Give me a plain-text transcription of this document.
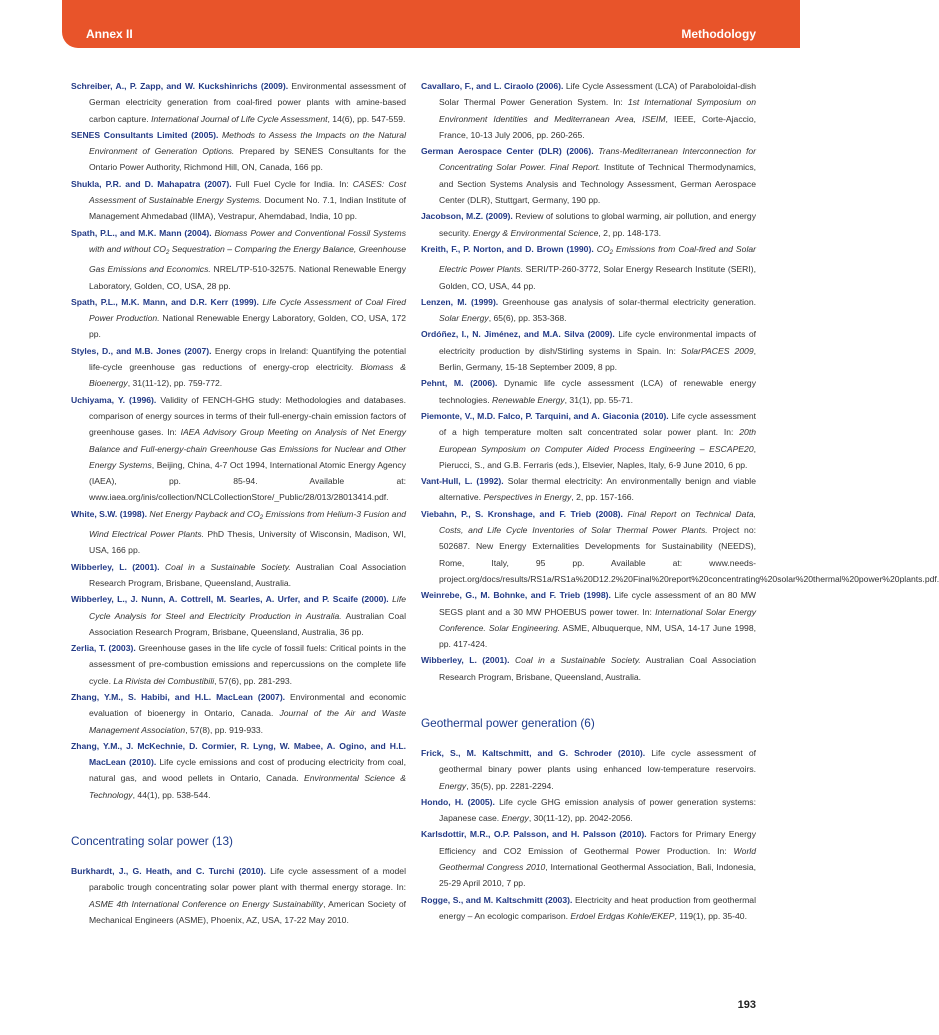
Annex II	Methodology
Schreiber, A., P. Zapp, and W. Kuckshinrichs (2009). Environmental assessment of German electricity generation from coal-fired power plants with amine-based carbon capture. International Journal of Life Cycle Assessment, 14(6), pp. 547-559.
SENES Consultants Limited (2005). Methods to Assess the Impacts on the Natural Environment of Generation Options. Prepared by SENES Consultants for the Ontario Power Authority, Richmond Hill, ON, Canada, 166 pp.
Shukla, P.R. and D. Mahapatra (2007). Full Fuel Cycle for India. In: CASES: Cost Assessment of Sustainable Energy Systems. Document No. 7.1, Indian Institute of Management Ahmedabad (IIMA), Vestrapur, Ahemdabad, India, 10 pp.
Spath, P.L., and M.K. Mann (2004). Biomass Power and Conventional Fossil Systems with and without $CO_2$ Sequestration – Comparing the Energy Balance, Greenhouse Gas Emissions and Economics. NREL/TP-510-32575. National Renewable Energy Laboratory, Golden, CO, USA, 28 pp.
Spath, P.L., M.K. Mann, and D.R. Kerr (1999). Life Cycle Assessment of Coal Fired Power Production. National Renewable Energy Laboratory, Golden, CO, USA, 172 pp.
Styles, D., and M.B. Jones (2007). Energy crops in Ireland: Quantifying the potential life-cycle greenhouse gas reductions of energy-crop electricity. Biomass & Bioenergy, 31(11-12), pp. 759-772.
Uchiyama, Y. (1996). Validity of FENCH-GHG study: Methodologies and databases. comparison of energy sources in terms of their full-energy-chain emission factors of greenhouse gases. In: IAEA Advisory Group Meeting on Analysis of Net Energy Balance and Full-energy-chain Greenhouse Gas Emissions for Nuclear and Other Energy Systems, Beijing, China, 4-7 Oct 1994, International Atomic Energy Agency (IAEA), pp. 85-94. Available at: www.iaea.org/inis/collection/NCLCollectionStore/_Public/28/013/28013414.pdf.
White, S.W. (1998). Net Energy Payback and $CO_2$ Emissions from Helium-3 Fusion and Wind Electrical Power Plants. PhD Thesis, University of Wisconsin, Madison, WI, USA, 166 pp.
Wibberley, L. (2001). Coal in a Sustainable Society. Australian Coal Association Research Program, Brisbane, Queensland, Australia.
Wibberley, L., J. Nunn, A. Cottrell, M. Searles, A. Urfer, and P. Scaife (2000). Life Cycle Analysis for Steel and Electricity Production in Australia. Australian Coal Association Research Program, Brisbane, Queensland, Australia, 36 pp.
Zerlia, T. (2003). Greenhouse gases in the life cycle of fossil fuels: Critical points in the assessment of pre-combustion emissions and repercussions on the complete life cycle. La Rivista dei Combustibili, 57(6), pp. 281-293.
Zhang, Y.M., S. Habibi, and H.L. MacLean (2007). Environmental and economic evaluation of bioenergy in Ontario, Canada. Journal of the Air and Waste Management Association, 57(8), pp. 919-933.
Zhang, Y.M., J. McKechnie, D. Cormier, R. Lyng, W. Mabee, A. Ogino, and H.L. MacLean (2010). Life cycle emissions and cost of producing electricity from coal, natural gas, and wood pellets in Ontario, Canada. Environmental Science & Technology, 44(1), pp. 538-544.
Concentrating solar power (13)
Burkhardt, J., G. Heath, and C. Turchi (2010). Life cycle assessment of a model parabolic trough concentrating solar power plant with thermal energy storage. In: ASME 4th International Conference on Energy Sustainability, American Society of Mechanical Engineers (ASME), Phoenix, AZ, USA, 17-22 May 2010.
Cavallaro, F., and L. Ciraolo (2006). Life Cycle Assessment (LCA) of Paraboloidal-dish Solar Thermal Power Generation System. In: 1st International Symposium on Environment Identities and Mediterranean Area, ISEIM, IEEE, Corte-Ajaccio, France, 10-13 July 2006, pp. 260-265.
German Aerospace Center (DLR) (2006). Trans-Mediterranean Interconnection for Concentrating Solar Power. Final Report. Institute of Technical Thermodynamics, and Section Systems Analysis and Technology Assessment, German Aerospace Center (DLR), Stuttgart, Germany, 190 pp.
Jacobson, M.Z. (2009). Review of solutions to global warming, air pollution, and energy security. Energy & Environmental Science, 2, pp. 148-173.
Kreith, F., P. Norton, and D. Brown (1990). $CO_2$ Emissions from Coal-fired and Solar Electric Power Plants. SERI/TP-260-3772, Solar Energy Research Institute (SERI), Golden, CO, USA, 44 pp.
Lenzen, M. (1999). Greenhouse gas analysis of solar-thermal electricity generation. Solar Energy, 65(6), pp. 353-368.
Ordóñez, I., N. Jiménez, and M.A. Silva (2009). Life cycle environmental impacts of electricity production by dish/Stirling systems in Spain. In: SolarPACES 2009, Berlin, Germany, 15-18 September 2009, 8 pp.
Pehnt, M. (2006). Dynamic life cycle assessment (LCA) of renewable energy technologies. Renewable Energy, 31(1), pp. 55-71.
Piemonte, V., M.D. Falco, P. Tarquini, and A. Giaconia (2010). Life cycle assessment of a high temperature molten salt concentrated solar power plant. In: 20th European Symposium on Computer Aided Process Engineering – ESCAPE20, Pierucci, S., and G.B. Ferraris (eds.), Elsevier, Naples, Italy, 6-9 June 2010, 6 pp.
Vant-Hull, L. (1992). Solar thermal electricity: An environmentally benign and viable alternative. Perspectives in Energy, 2, pp. 157-166.
Viebahn, P., S. Kronshage, and F. Trieb (2008). Final Report on Technical Data, Costs, and Life Cycle Inventories of Solar Thermal Power Plants. Project no: 502687. New Energy Externalities Developments for Sustainability (NEEDS), Rome, Italy, 95 pp. Available at: www.needs-project.org/docs/results/RS1a/RS1a%20D12.2%20Final%20report%20concentrating%20solar%20thermal%20power%20plants.pdf.
Weinrebe, G., M. Bohnke, and F. Trieb (1998). Life cycle assessment of an 80 MW SEGS plant and a 30 MW PHOEBUS power tower. In: International Solar Energy Conference. Solar Engineering. ASME, Albuquerque, NM, USA, 14-17 June 1998, pp. 417-424.
Wibberley, L. (2001). Coal in a Sustainable Society. Australian Coal Association Research Program, Brisbane, Queensland, Australia.
Geothermal power generation (6)
Frick, S., M. Kaltschmitt, and G. Schroder (2010). Life cycle assessment of geothermal binary power plants using enhanced low-temperature reservoirs. Energy, 35(5), pp. 2281-2294.
Hondo, H. (2005). Life cycle GHG emission analysis of power generation systems: Japanese case. Energy, 30(11-12), pp. 2042-2056.
Karlsdottir, M.R., O.P. Palsson, and H. Palsson (2010). Factors for Primary Energy Efficiency and CO2 Emission of Geothermal Power Production. In: World Geothermal Congress 2010, International Geothermal Association, Bali, Indonesia, 25-29 April 2010, 7 pp.
Rogge, S., and M. Kaltschmitt (2003). Electricity and heat production from geothermal energy – An ecologic comparison. Erdoel Erdgas Kohle/EKEP, 119(1), pp. 35-40.
193
